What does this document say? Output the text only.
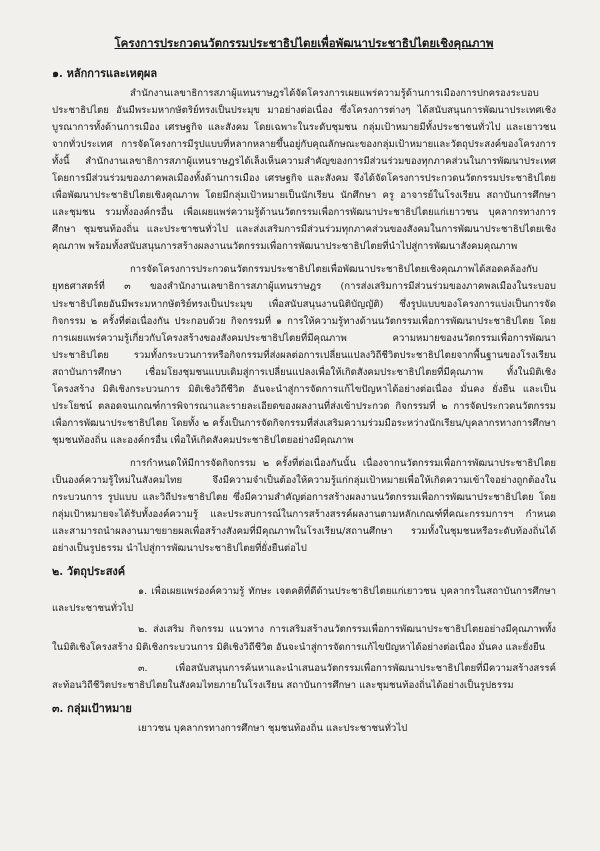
โครงการประกวดนวัตกรรมประชาธิปไตยเพื่อพัฒนาประชาธิปไตยเชิงคุณภาพ
๑. หลักการและเหตุผล

สำนักงานเลขาธิการสภาผู้แทนราษฎรได้จัดโครงการเผยแพร่ความรู้ด้านการเมืองการปกครองระบอบประชาธิปไตย อันมีพระมหากษัตริย์ทรงเป็นประมุข มาอย่างต่อเนื่อง ซึ่งโครงการต่างๆ ได้สนับสนุนการพัฒนาประเทศเชิงบูรณาการทั้งด้านการเมือง เศรษฐกิจ และสังคม โดยเฉพาะในระดับชุมชน กลุ่มเป้าหมายมีทั้งประชาชนทั่วไป และเยาวชนจากทั่วประเทศ การจัดโครงการมีรูปแบบที่หลากหลายขึ้นอยู่กับคุณลักษณะของกลุ่มเป้าหมายและวัตถุประสงค์ของโครงการ ทั้งนี้ สำนักงานเลขาธิการสภาผู้แทนราษฎรได้เล็งเห็นความสำคัญของการมีส่วนร่วมของทุกภาคส่วนในการพัฒนาประเทศ โดยการมีส่วนร่วมของภาคพลเมืองทั้งด้านการเมือง เศรษฐกิจ และสังคม จึงได้จัดโครงการประกวดนวัตกรรมประชาธิปไตยเพื่อพัฒนาประชาธิปไตยเชิงคุณภาพ โดยมีกลุ่มเป้าหมายเป็นนักเรียน นักศึกษา ครู อาจารย์ในโรงเรียน สถาบันการศึกษา และชุมชน รวมทั้งองค์กรอื่น เพื่อเผยแพร่ความรู้ด้านนวัตกรรมเพื่อการพัฒนาประชาธิปไตยแก่เยาวชน บุคลากรทางการศึกษา ชุมชนท้องถิ่น และประชาชนทั่วไป และส่งเสริมการมีส่วนร่วมทุกภาคส่วนของสังคมในการพัฒนาประชาธิปไตยเชิงคุณภาพ พร้อมทั้งสนับสนุนการสร้างผลงานนวัตกรรมเพื่อการพัฒนาประชาธิปไตยที่นำไปสู่การพัฒนาสังคมคุณภาพ

การจัดโครงการประกวดนวัตกรรมประชาธิปไตยเพื่อพัฒนาประชาธิปไตยเชิงคุณภาพได้สอดคล้องกับยุทธศาสตร์ที่ ๓ ของสำนักงานเลขาธิการสภาผู้แทนราษฎร (การส่งเสริมการมีส่วนร่วมของภาคพลเมืองในระบอบประชาธิปไตยอันมีพระมหากษัตริย์ทรงเป็นประมุข เพื่อสนับสนุนงานนิติบัญญัติ) ซึ่งรูปแบบของโครงการแบ่งเป็นการจัดกิจกรรม ๒ ครั้งที่ต่อเนื่องกัน ประกอบด้วย กิจกรรมที่ ๑ การให้ความรู้ทางด้านนวัตกรรมเพื่อการพัฒนาประชาธิปไตย โดยการเผยแพร่ความรู้เกี่ยวกับโครงสร้างของสังคมประชาธิปไตยที่มีคุณภาพ ความหมายของนวัตกรรมเพื่อการพัฒนาประชาธิปไตย รวมทั้งกระบวนการหรือกิจกรรมที่ส่งผลต่อการเปลี่ยนแปลงวิถีชีวิตประชาธิปไตยจากพื้นฐานของโรงเรียน สถาบันการศึกษา เชื่อมโยงชุมชนแบบเดิมสู่การเปลี่ยนแปลงเพื่อให้เกิดสังคมประชาธิปไตยที่มีคุณภาพ ทั้งในมิติเชิงโครงสร้าง มิติเชิงกระบวนการ มิติเชิงวิถีชีวิต อันจะนำสู่การจัดการแก้ไขปัญหาได้อย่างต่อเนื่อง มั่นคง ยั่งยืน และเป็นประโยชน์ ตลอดจนเกณฑ์การพิจารณาและรายละเอียดของผลงานที่ส่งเข้าประกวด กิจกรรมที่ ๒ การจัดประกวดนวัตกรรมเพื่อการพัฒนาประชาธิปไตย โดยทั้ง ๒ ครั้งเป็นการจัดกิจกรรมที่ส่งเสริมความร่วมมือระหว่างนักเรียน/บุคลากรทางการศึกษา ชุมชนท้องถิ่น และองค์กรอื่น เพื่อให้เกิดสังคมประชาธิปไตยอย่างมีคุณภาพ

การกำหนดให้มีการจัดกิจกรรม ๒ ครั้งที่ต่อเนื่องกันนั้น เนื่องจากนวัตกรรมเพื่อการพัฒนาประชาธิปไตยเป็นองค์ความรู้ใหม่ในสังคมไทย จึงมีความจำเป็นต้องให้ความรู้แก่กลุ่มเป้าหมายเพื่อให้เกิดความเข้าใจอย่างถูกต้องในกระบวนการ รูปแบบ และวิถีประชาธิปไตย ซึ่งมีความสำคัญต่อการสร้างผลงานนวัตกรรมเพื่อการพัฒนาประชาธิปไตย โดยกลุ่มเป้าหมายจะได้รับทั้งองค์ความรู้ และประสบการณ์ในการสร้างสรรค์ผลงานตามหลักเกณฑ์ที่คณะกรรมการฯ กำหนด และสามารถนำผลงานมาขยายผลเพื่อสร้างสังคมที่มีคุณภาพในโรงเรียน/สถานศึกษา รวมทั้งในชุมชนหรือระดับท้องถิ่นได้อย่างเป็นรูปธรรม นำไปสู่การพัฒนาประชาธิปไตยที่ยั่งยืนต่อไป

๒. วัตถุประสงค์

๑. เพื่อเผยแพร่องค์ความรู้ ทักษะ เจตคติที่ดีด้านประชาธิปไตยแก่เยาวชน บุคลากรในสถาบันการศึกษา และประชาชนทั่วไป

๒. ส่งเสริม กิจกรรม แนวทาง การเสริมสร้างนวัตกรรมเพื่อการพัฒนาประชาธิปไตยอย่างมีคุณภาพทั้งในมิติเชิงโครงสร้าง มิติเชิงกระบวนการ มิติเชิงวิถีชีวิต อันจะนำสู่การจัดการแก้ไขปัญหาได้อย่างต่อเนื่อง มั่นคง และยั่งยืน

๓. เพื่อสนับสนุนการค้นหาและนำเสนอนวัตกรรมเพื่อการพัฒนาประชาธิปไตยที่มีความสร้างสรรค์สะท้อนวิถีชีวิตประชาธิปไตยในสังคมไทยภายในโรงเรียน สถาบันการศึกษา และชุมชนท้องถิ่นได้อย่างเป็นรูปธรรม

๓. กลุ่มเป้าหมาย

เยาวชน บุคลากรทางการศึกษา ชุมชนท้องถิ่น และประชาชนทั่วไป
